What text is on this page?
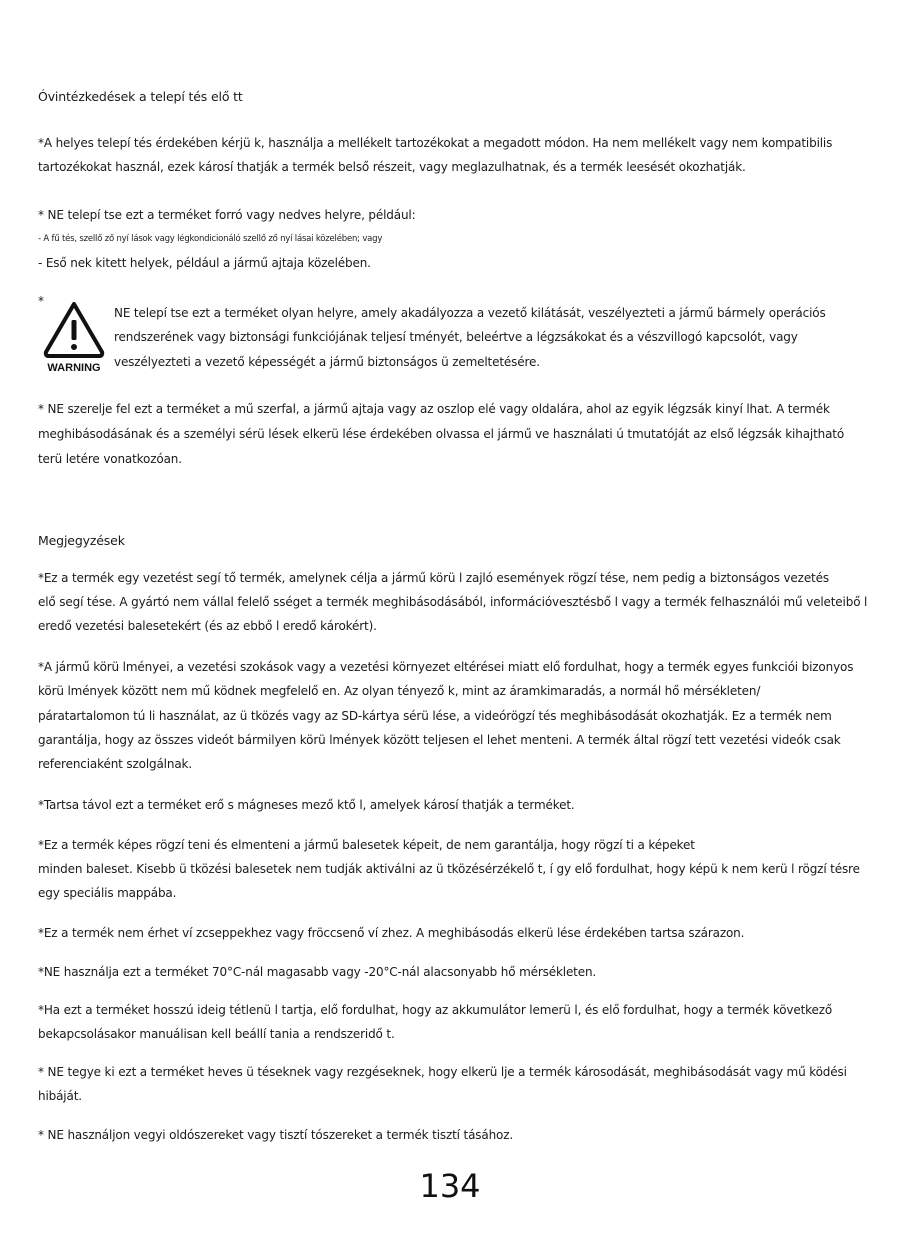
Óvintézkedések a telepí tés elő tt
*A helyes telepí tés érdekében kérjü k, használja a mellékelt tartozékokat a megadott módon. Ha nem mellékelt vagy nem kompatibilis
tartozékokat használ, ezek károsí thatják a termék belső részeit, vagy meglazulhatnak, és a termék leesését okozhatják.
* NE telepí tse ezt a terméket forró vagy nedves helyre, például:
- A fű tés, szellő ző nyí lások vagy légkondicionáló szellő ző nyí lásai közelében; vagy
- Eső nek kitett helyek, például a jármű ajtaja közelében.
*
WARNING
NE telepí tse ezt a terméket olyan helyre, amely akadályozza a vezető kilátását, veszélyezteti a jármű bármely operációs
rendszerének vagy biztonsági funkciójának teljesí tményét, beleértve a légzsákokat és a vészvillogó kapcsolót, vagy
veszélyezteti a vezető képességét a jármű biztonságos ü zemeltetésére.
* NE szerelje fel ezt a terméket a mű szerfal, a jármű ajtaja vagy az oszlop elé vagy oldalára, ahol az egyik légzsák kinyí lhat. A termék
meghibásodásának és a személyi sérü lések elkerü lése érdekében olvassa el jármű ve használati ú tmutatóját az első légzsák kihajtható
terü letére vonatkozóan.
Megjegyzések
*Ez a termék egy vezetést segí tő termék, amelynek célja a jármű körü l zajló események rögzí tése, nem pedig a biztonságos vezetés
elő segí tése. A gyártó nem vállal felelő sséget a termék meghibásodásából, információvesztésbő l vagy a termék felhasználói mű veleteibő l
eredő vezetési balesetekért (és az ebbő l eredő károkért).
*A jármű körü lményei, a vezetési szokások vagy a vezetési környezet eltérései miatt elő fordulhat, hogy a termék egyes funkciói bizonyos
körü lmények között nem mű ködnek megfelelő en. Az olyan tényező k, mint az áramkimaradás, a normál hő mérsékleten/
páratartalomon tú li használat, az ü tközés vagy az SD-kártya sérü lése, a videórögzí tés meghibásodását okozhatják. Ez a termék nem
garantálja, hogy az összes videót bármilyen körü lmények között teljesen el lehet menteni. A termék által rögzí tett vezetési videók csak
referenciaként szolgálnak.
*Tartsa távol ezt a terméket erő s mágneses mező ktő l, amelyek károsí thatják a terméket.
*Ez a termék képes rögzí teni és elmenteni a jármű balesetek képeit, de nem garantálja, hogy rögzí ti a képeket
minden baleset. Kisebb ü tközési balesetek nem tudják aktiválni az ü tközésérzékelő t, í gy elő fordulhat, hogy képü k nem kerü l rögzí tésre
egy speciális mappába.
*Ez a termék nem érhet ví zcseppekhez vagy fröccsenő ví zhez. A meghibásodás elkerü lése érdekében tartsa szárazon.
*NE használja ezt a terméket 70°C-nál magasabb vagy -20°C-nál alacsonyabb hő mérsékleten.
*Ha ezt a terméket hosszú ideig tétlenü l tartja, elő fordulhat, hogy az akkumulátor lemerü l, és elő fordulhat, hogy a termék következő
bekapcsolásakor manuálisan kell beállí tania a rendszeridő t.
* NE tegye ki ezt a terméket heves ü téseknek vagy rezgéseknek, hogy elkerü lje a termék károsodását, meghibásodását vagy mű ködési
hibáját.
* NE használjon vegyi oldószereket vagy tisztí tószereket a termék tisztí tásához.
134
